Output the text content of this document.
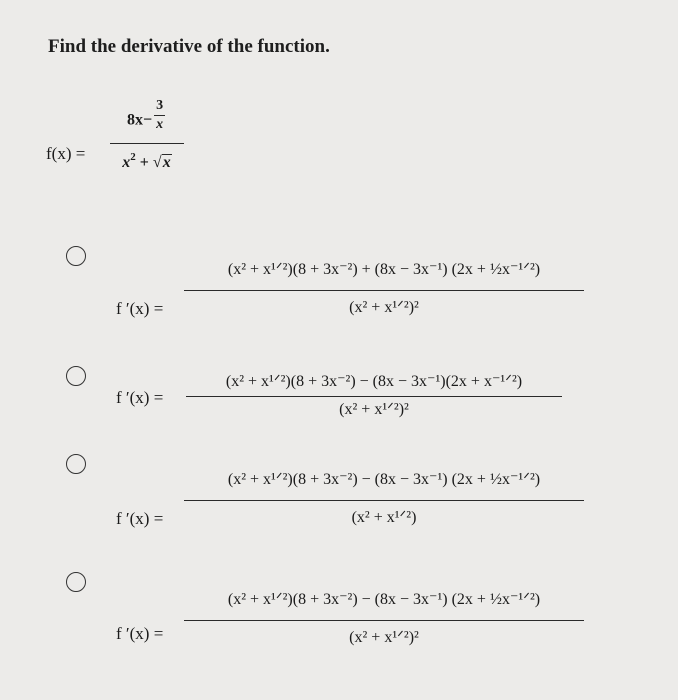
Find the derivative of the function.
f(x) =
$8x- \frac{3}{x}$
$x^2$ + √ x
f ′(x) =
(x² + x¹ᐟ²)(8 + 3x⁻²) + (8x − 3x⁻¹) (2x + ½x⁻¹ᐟ²)
(x² + x¹ᐟ²)²
f ′(x) =
(x² + x¹ᐟ²)(8 + 3x⁻²) − (8x − 3x⁻¹)(2x + x⁻¹ᐟ²)
(x² + x¹ᐟ²)²
f ′(x) =
(x² + x¹ᐟ²)(8 + 3x⁻²) − (8x − 3x⁻¹) (2x + ½x⁻¹ᐟ²)
(x² + x¹ᐟ²)
f ′(x) =
(x² + x¹ᐟ²)(8 + 3x⁻²) − (8x − 3x⁻¹) (2x + ½x⁻¹ᐟ²)
(x² + x¹ᐟ²)²
